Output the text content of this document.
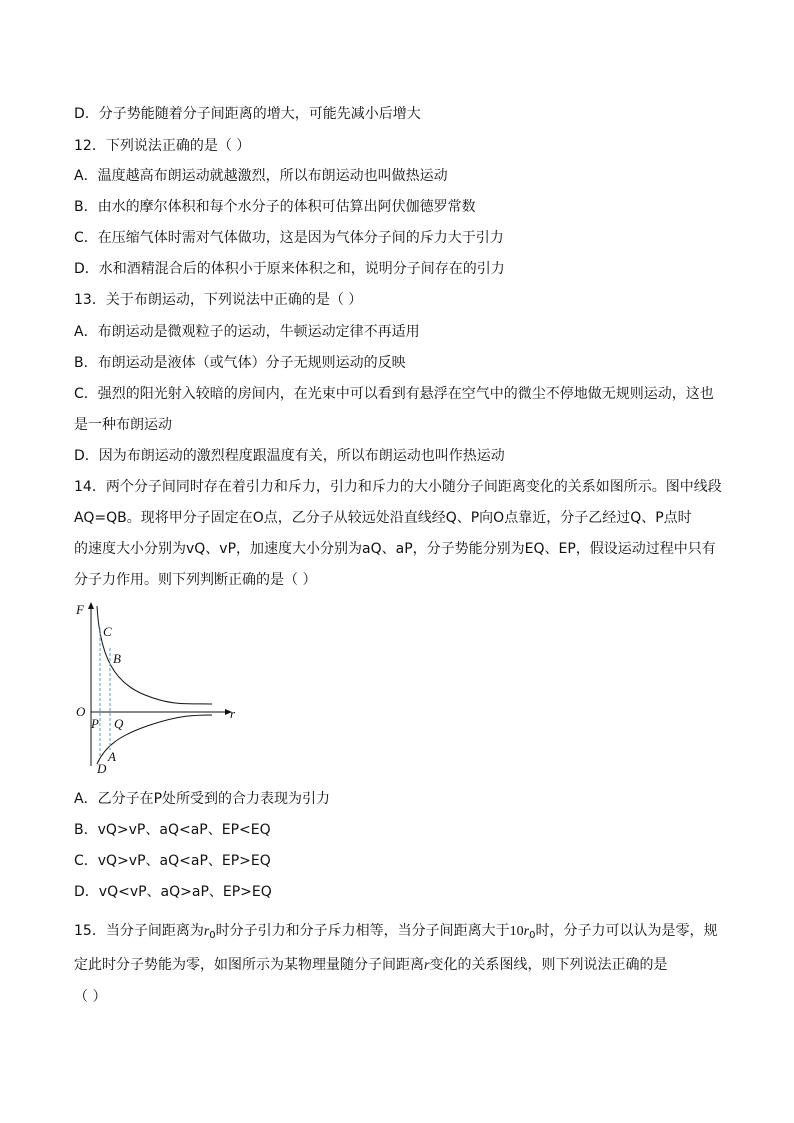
D．分子势能随着分子间距离的增大，可能先减小后增大
12．下列说法正确的是（ ）
A．温度越高布朗运动就越激烈，所以布朗运动也叫做热运动
B．由水的摩尔体积和每个水分子的体积可估算出阿伏伽德罗常数
C．在压缩气体时需对气体做功，这是因为气体分子间的斥力大于引力
D．水和酒精混合后的体积小于原来体积之和，说明分子间存在的引力
13．关于布朗运动，下列说法中正确的是（ ）
A．布朗运动是微观粒子的运动，牛顿运动定律不再适用
B．布朗运动是液体（或气体）分子无规则运动的反映
C．强烈的阳光射入较暗的房间内，在光束中可以看到有悬浮在空气中的微尘不停地做无规则运动，这也
是一种布朗运动
D．因为布朗运动的激烈程度跟温度有关，所以布朗运动也叫作热运动
14．两个分子间同时存在着引力和斥力，引力和斥力的大小随分子间距离变化的关系如图所示。图中线段
AQ=QB。现将甲分子固定在O点，乙分子从较远处沿直线经Q、P向O点靠近，分子乙经过Q、P点时
的速度大小分别为vQ、vP，加速度大小分别为aQ、aP，分子势能分别为EQ、EP，假设运动过程中只有
分子力作用。则下列判断正确的是（ ）
F
r
O
C
B
P Q
A
D
A．乙分子在P处所受到的合力表现为引力
B．vQ>vP、aQ<aP、EP<EQ
C．vQ>vP、aQ<aP、EP>EQ
D．vQ<vP、aQ>aP、EP>EQ
15．当分子间距离为$r_0$时分子引力和分子斥力相等，当分子间距离大于$10r_0$时，分子力可以认为是零，规
定此时分子势能为零，如图所示为某物理量随分子间距离r变化的关系图线，则下列说法正确的是
（ ）
